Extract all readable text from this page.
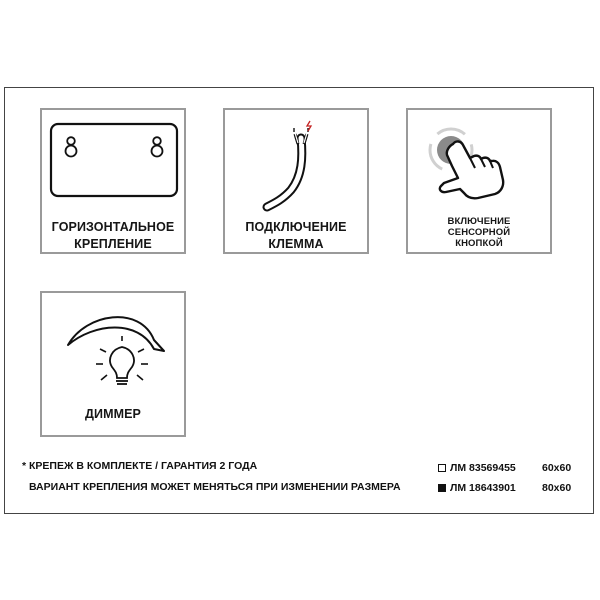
ГОРИЗОНТАЛЬНОЕ
КРЕПЛЕНИЕ
ПОДКЛЮЧЕНИЕ
КЛЕММА
ВКЛЮЧЕНИЕ
СЕНСОРНОЙ
КНОПКОЙ
ДИММЕР
* КРЕПЕЖ В КОМПЛЕКТЕ / ГАРАНТИЯ 2 ГОДА
ВАРИАНТ КРЕПЛЕНИЯ МОЖЕТ МЕНЯТЬСЯ ПРИ ИЗМЕНЕНИИ РАЗМЕРА
ЛМ 83569455	60x60
ЛМ 18643901	80x60
